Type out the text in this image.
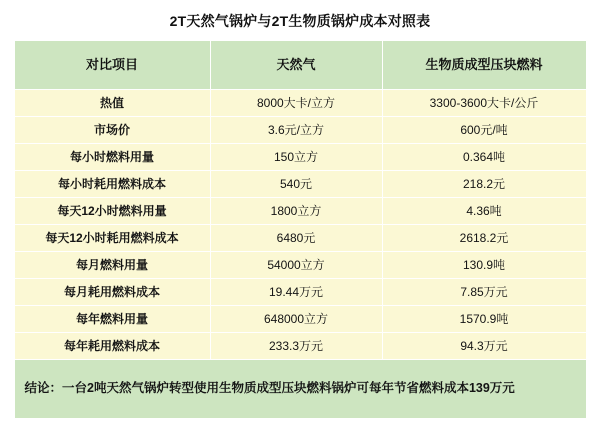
2T天然气锅炉与2T生物质锅炉成本对照表
对比项目	天然气	生物质成型压块燃料
热值	8000大卡/立方	3300-3600大卡/公斤
市场价	3.6元/立方	600元/吨
每小时燃料用量	150立方	0.364吨
每小时耗用燃料成本	540元	218.2元
每天12小时燃料用量	1800立方	4.36吨
每天12小时耗用燃料成本	6480元	2618.2元
每月燃料用量	54000立方	130.9吨
每月耗用燃料成本	19.44万元	7.85万元
每年燃料用量	648000立方	1570.9吨
每年耗用燃料成本	233.3万元	94.3万元

结论：一台2吨天然气锅炉转型使用生物质成型压块燃料锅炉可每年节省燃料成本139万元		
